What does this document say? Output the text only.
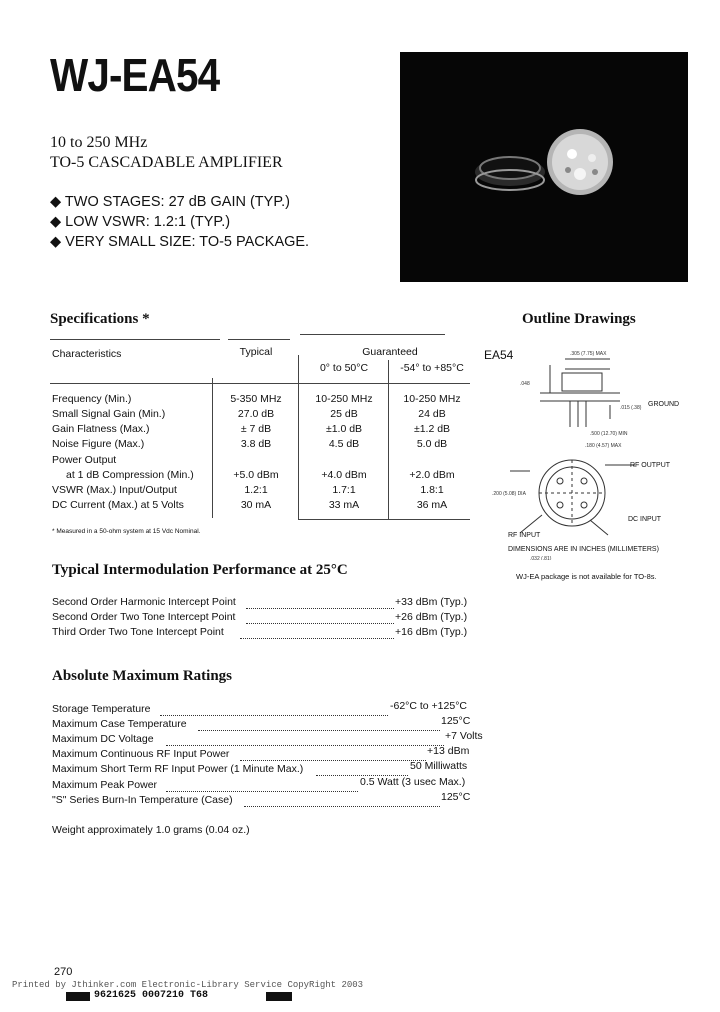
WJ-EA54
10 to 250 MHz
TO-5 CASCADABLE AMPLIFIER
◆ TWO STAGES: 27 dB GAIN (TYP.)
◆ LOW VSWR: 1.2:1 (TYP.)
◆ VERY SMALL SIZE: TO-5 PACKAGE.
Specifications *
Characteristics	Typical	Guaranteed
0° to 50°C	-54° to +85°C
Frequency (Min.)	5-350 MHz	10-250 MHz	10-250 MHz
Small Signal Gain (Min.)	27.0 dB	25 dB	24 dB
Gain Flatness (Max.)	± 7 dB	±1.0 dB	±1.2 dB
Noise Figure (Max.)	3.8 dB	4.5 dB	5.0 dB
Power Output
at 1 dB Compression (Min.)	+5.0 dBm	+4.0 dBm	+2.0 dBm
VSWR (Max.) Input/Output	1.2:1	1.7:1	1.8:1
DC Current (Max.) at 5 Volts	30 mA	33 mA	36 mA
* Measured in a 50-ohm system at 15 Vdc Nominal.
Outline Drawings
EA54	.305 (7.75) MAX
.048
.015 (.38)
.500 (12.70) MIN
.180 (4.57) MAX
.200 (5.08) DIA
.032 (.81)
GROUND
RF OUTPUT
DC INPUT
RF INPUT
DIMENSIONS ARE IN INCHES (MILLIMETERS)
WJ-EA package is not available for TO-8s.
Typical Intermodulation Performance at 25°C
Second Order Harmonic Intercept Point	+33 dBm (Typ.)
Second Order Two Tone Intercept Point	+26 dBm (Typ.)
Third Order Two Tone Intercept Point	+16 dBm (Typ.)
Absolute Maximum Ratings
Storage Temperature	-62°C to +125°C
Maximum Case Temperature	125°C
Maximum DC Voltage	+7 Volts
Maximum Continuous RF Input Power	+13 dBm
Maximum Short Term RF Input Power (1 Minute Max.)	50 Milliwatts
Maximum Peak Power	0.5 Watt (3 usec Max.)
"S" Series Burn-In Temperature (Case)	125°C
Weight approximately 1.0 grams (0.04 oz.)
270
Printed by Jthinker.com Electronic-Library Service CopyRight 2003
9621625 0007210 T68
